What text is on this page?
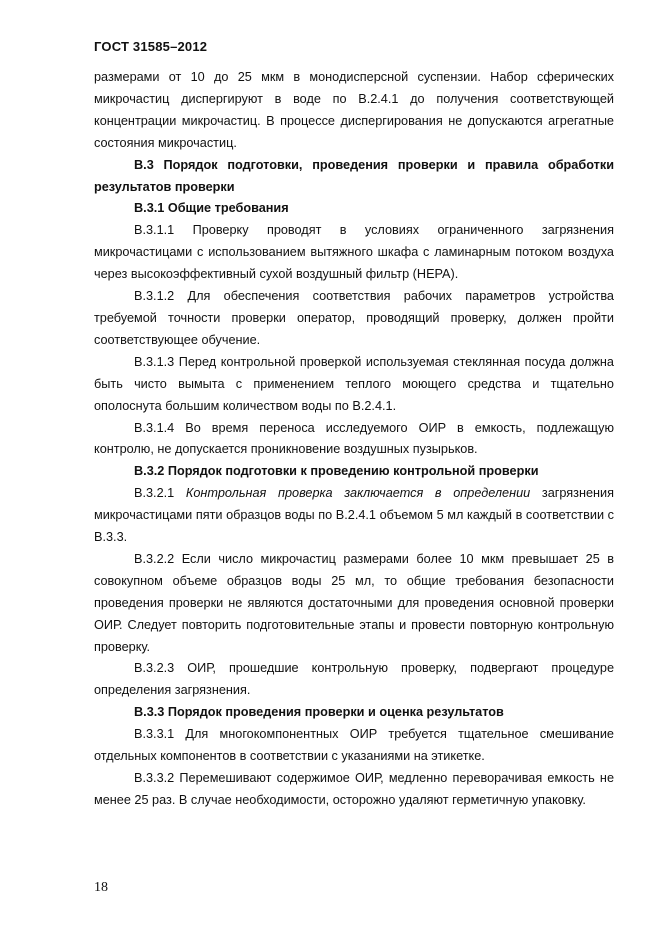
ГОСТ 31585–2012

размерами от 10 до 25 мкм в монодисперсной суспензии. Набор сферических микрочастиц диспергируют в воде по В.2.4.1 до получения соответствующей концентрации микрочастиц. В процессе диспергирования не допускаются агрегатные состояния микрочастиц.

В.3 Порядок подготовки, проведения проверки и правила обработки результатов проверки

В.3.1 Общие требования

В.3.1.1 Проверку проводят в условиях ограниченного загрязнения микрочастицами с использованием вытяжного шкафа с ламинарным потоком воздуха через высокоэффективный сухой воздушный фильтр (HEPA).

В.3.1.2 Для обеспечения соответствия рабочих параметров устройства требуемой точности проверки оператор, проводящий проверку, должен пройти соответствующее обучение.

В.3.1.3 Перед контрольной проверкой используемая стеклянная посуда должна быть чисто вымыта с применением теплого моющего средства и тщательно ополоснута большим количеством воды по В.2.4.1.

В.3.1.4 Во время переноса исследуемого ОИР в емкость, подлежащую контролю, не допускается проникновение воздушных пузырьков.

В.3.2 Порядок подготовки к проведению контрольной проверки

В.3.2.1 Контрольная проверка заключается в определении загрязнения микрочастицами пяти образцов воды по В.2.4.1 объемом 5 мл каждый в соответствии с В.3.3.

В.3.2.2 Если число микрочастиц размерами более 10 мкм превышает 25 в совокупном объеме образцов воды 25 мл, то общие требования безопасности проведения проверки не являются достаточными для проведения основной проверки ОИР. Следует повторить подготовительные этапы и провести повторную контрольную проверку.

В.3.2.3 ОИР, прошедшие контрольную проверку, подвергают процедуре определения загрязнения.

В.3.3 Порядок проведения проверки и оценка результатов

В.3.3.1 Для многокомпонентных ОИР требуется тщательное смешивание отдельных компонентов в соответствии с указаниями на этикетке.

В.3.3.2 Перемешивают содержимое ОИР, медленно переворачивая емкость не менее 25 раз. В случае необходимости, осторожно удаляют герметичную упаковку.

18
